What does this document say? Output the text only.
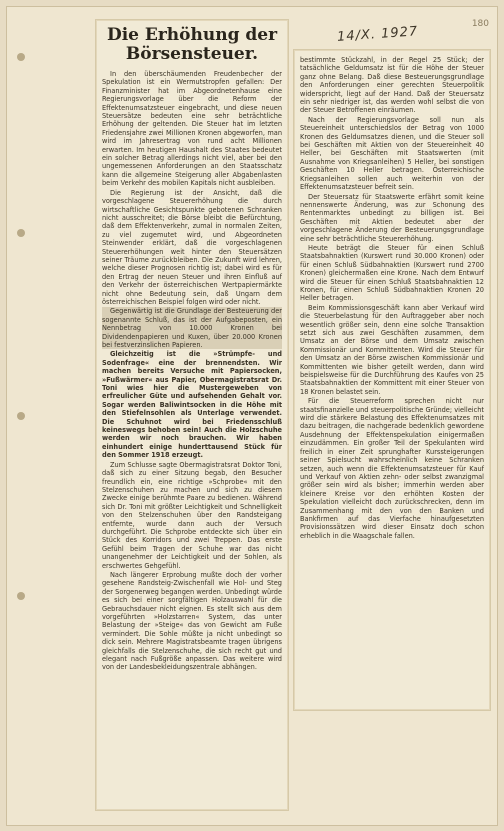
14/X. 1927
180
Die Erhöhung der Börsensteuer.

In den überschäumenden Freudenbecher der Spekulation ist ein Wermutstropfen gefallen: Der Finanzminister hat im Abgeordnetenhause eine Regierungsvorlage über die Reform der Effektenumsatzsteuer eingebracht, und diese neuen Steuersätze bedeuten eine sehr beträchtliche Erhöhung der geltenden. Die Steuer hat im letzten Friedensjahre zwei Millionen Kronen abgeworfen, man wird im Jahresertrag von rund acht Millionen erwarten. Im heutigen Haushalt des Staates bedeutet ein solcher Betrag allerdings nicht viel, aber bei den ungemessenen Anforderungen an den Staatsschatz kann die allgemeine Steigerung aller Abgabenlasten beim Verkehr des mobilen Kapitals nicht ausbleiben.

Die Regierung ist der Ansicht, daß die vorgeschlagene Steuererhöhung die durch wirtschaftliche Gesichtspunkte gebotenen Schranken nicht ausschreitet; die Börse bleibt die Befürchtung, daß dem Effektenverkehr, zumal in normalen Zeiten, zu viel zugemutet wird, und Abgeordneten Steinwender erklärt, daß die vorgeschlagenen Steuererhöhungen weit hinter den Steuersätzen seiner Träume zurückbleiben. Die Zukunft wird lehren, welche dieser Prognosen richtig ist; dabei wird es für den Ertrag der neuen Steuer und ihren Einfluß auf den Verkehr der österreichischen Wertpapiermärkte nicht ohne Bedeutung sein, daß Ungarn dem österreichischen Beispiel folgen wird oder nicht.

Gegenwärtig ist die Grundlage der Besteuerung der sogenannte Schluß, das ist der Aufgabeposten, ein Nennbetrag von 10.000 Kronen bei Dividendenpapieren und Kuxen, über 20.000 Kronen bei festverzinslichen Papieren.

Gleichzeitig ist die »Strümpfe- und Sodenfrage« eine der brennendsten. Wir machen bereits Versuche mit Papiersocken, »Fußwärmer« aus Papier, Obermagistratsrat Dr. Toni wies hier die Mustergeweben von erfreulicher Güte und aufsehenden Gehalt vor. Sogar werden Baliwintsocken in die Höhe mit den Stiefelnsohlen als Unterlage verwendet. Die Schuhnot wird bei Friedensschluß keineswegs behoben sein! Auch die Holzschuhe werden wir noch brauchen. Wir haben einhundert einige hunderttausend Stück für den Sommer 1918 erzeugt.

Zum Schlusse sagte Obermagistratsrat Doktor Toni, daß sich zu einer Sitzung begab, den Besucher freundlich ein, eine richtige »Schprobe« mit den Stelzenschuhen zu machen und sich zu diesem Zwecke einige berühmte Paare zu bedienen. Während sich Dr. Toni mit größter Leichtigkeit und Schnelligkeit von den Stelzenschuhen über den Randsteigang entfernte, wurde dann auch der Versuch durchgeführt. Die Schprobe entdeckte sich über ein Stück des Korridors und zwei Treppen. Das erste Gefühl beim Tragen der Schuhe war das nicht unangenehmer der Leichtigkeit und der Sohlen, als erschwertes Gehgefühl.

Nach längerer Erprobung mußte doch der vorher gesehene Randsteig-Zwischenfall wie Hol- und Steg der Sorgenerweg begangen werden. Unbedingt würde es sich bei einer sorgfältigen Holzauswahl für die Gebrauchsdauer nicht eignen. Es stellt sich aus dem vorgeführten »Holzstarren« System, das unter Belastung der »Steige« das von Gewicht am Fuße vermindert. Die Sohle müßte ja nicht unbedingt so dick sein. Mehrere Magistratsbeamte tragen übrigens gleichfalls die Stelzenschuhe, die sich recht gut und elegant nach Fußgröße anpassen. Das weitere wird von der Landesbekleidungszentrale abhängen.

bestimmte Stückzahl, in der Regel 25 Stück; der tatsächliche Geldumsatz ist für die Höhe der Steuer ganz ohne Belang. Daß diese Besteuerungsgrundlage den Anforderungen einer gerechten Steuerpolitik widerspricht, liegt auf der Hand. Daß der Steuersatz ein sehr niedriger ist, das werden wohl selbst die von der Steuer Betroffenen einräumen.

Nach der Regierungsvorlage soll nun als Steuereinheit unterschiedslos der Betrag von 1000 Kronen des Geldumsatzes dienen, und die Steuer soll bei Geschäften mit Aktien von der Steuereinheit 40 Heller, bei Geschäften mit Staatswerten (mit Ausnahme von Kriegsanleihen) 5 Heller, bei sonstigen Geschäften 10 Heller betragen. Österreichische Kriegsanleihen sollen auch weiterhin von der Effektenumsatzsteuer befreit sein.

Der Steuersatz für Staatswerte erfährt somit keine nennenswerte Änderung, was zur Schonung des Rentenmarktes unbedingt zu billigen ist. Bei Geschäften mit Aktien bedeutet aber der vorgeschlagene Änderung der Besteuerungsgrundlage eine sehr beträchtliche Steuererhöhung.

Heute beträgt die Steuer für einen Schluß Staatsbahnaktien (Kurswert rund 30.000 Kronen) oder für einen Schluß Südbahnaktien (Kurswert rund 2700 Kronen) gleichermaßen eine Krone. Nach dem Entwurf wird die Steuer für einen Schluß Staatsbahnaktien 12 Kronen, für einen Schluß Südbahnaktien Kronen 20 Heller betragen.

Beim Kommissionsgeschäft kann aber Verkauf wird die Steuerbelastung für den Auftraggeber aber noch wesentlich größer sein, denn eine solche Transaktion setzt sich aus zwei Geschäften zusammen, dem Umsatz an der Börse und dem Umsatz zwischen Kommissionär und Kommittenten. Wird die Steuer für den Umsatz an der Börse zwischen Kommissionär und Kommittenten wie bisher geteilt werden, dann wird beispielsweise für die Durchführung des Kaufes von 25 Staatsbahnaktien der Kommittent mit einer Steuer von 18 Kronen belastet sein.

Für die Steuerreform sprechen nicht nur staatsfinanzielle und steuerpolitische Gründe; vielleicht wird die stärkere Belastung des Effektenumsatzes mit dazu beitragen, die nachgerade bedenklich gewordene Ausdehnung der Effektenspekulation einigermaßen einzudämmen. Ein großer Teil der Spekulanten wird freilich in einer Zeit sprunghafter Kurssteigerungen seiner Spielsucht wahrscheinlich keine Schranken setzen, auch wenn die Effektenumsatzsteuer für Kauf und Verkauf von Aktien zehn- oder selbst zwanzigmal größer sein wird als bisher; immerhin werden aber kleinere Kreise vor den erhöhten Kosten der Spekulation vielleicht doch zurückschrecken, denn im Zusammenhang mit den von den Banken und Bankfirmen auf das Vierfache hinaufgesetzten Provisionssätzen wird dieser Einsatz doch schon erheblich in die Waagschale fallen.
